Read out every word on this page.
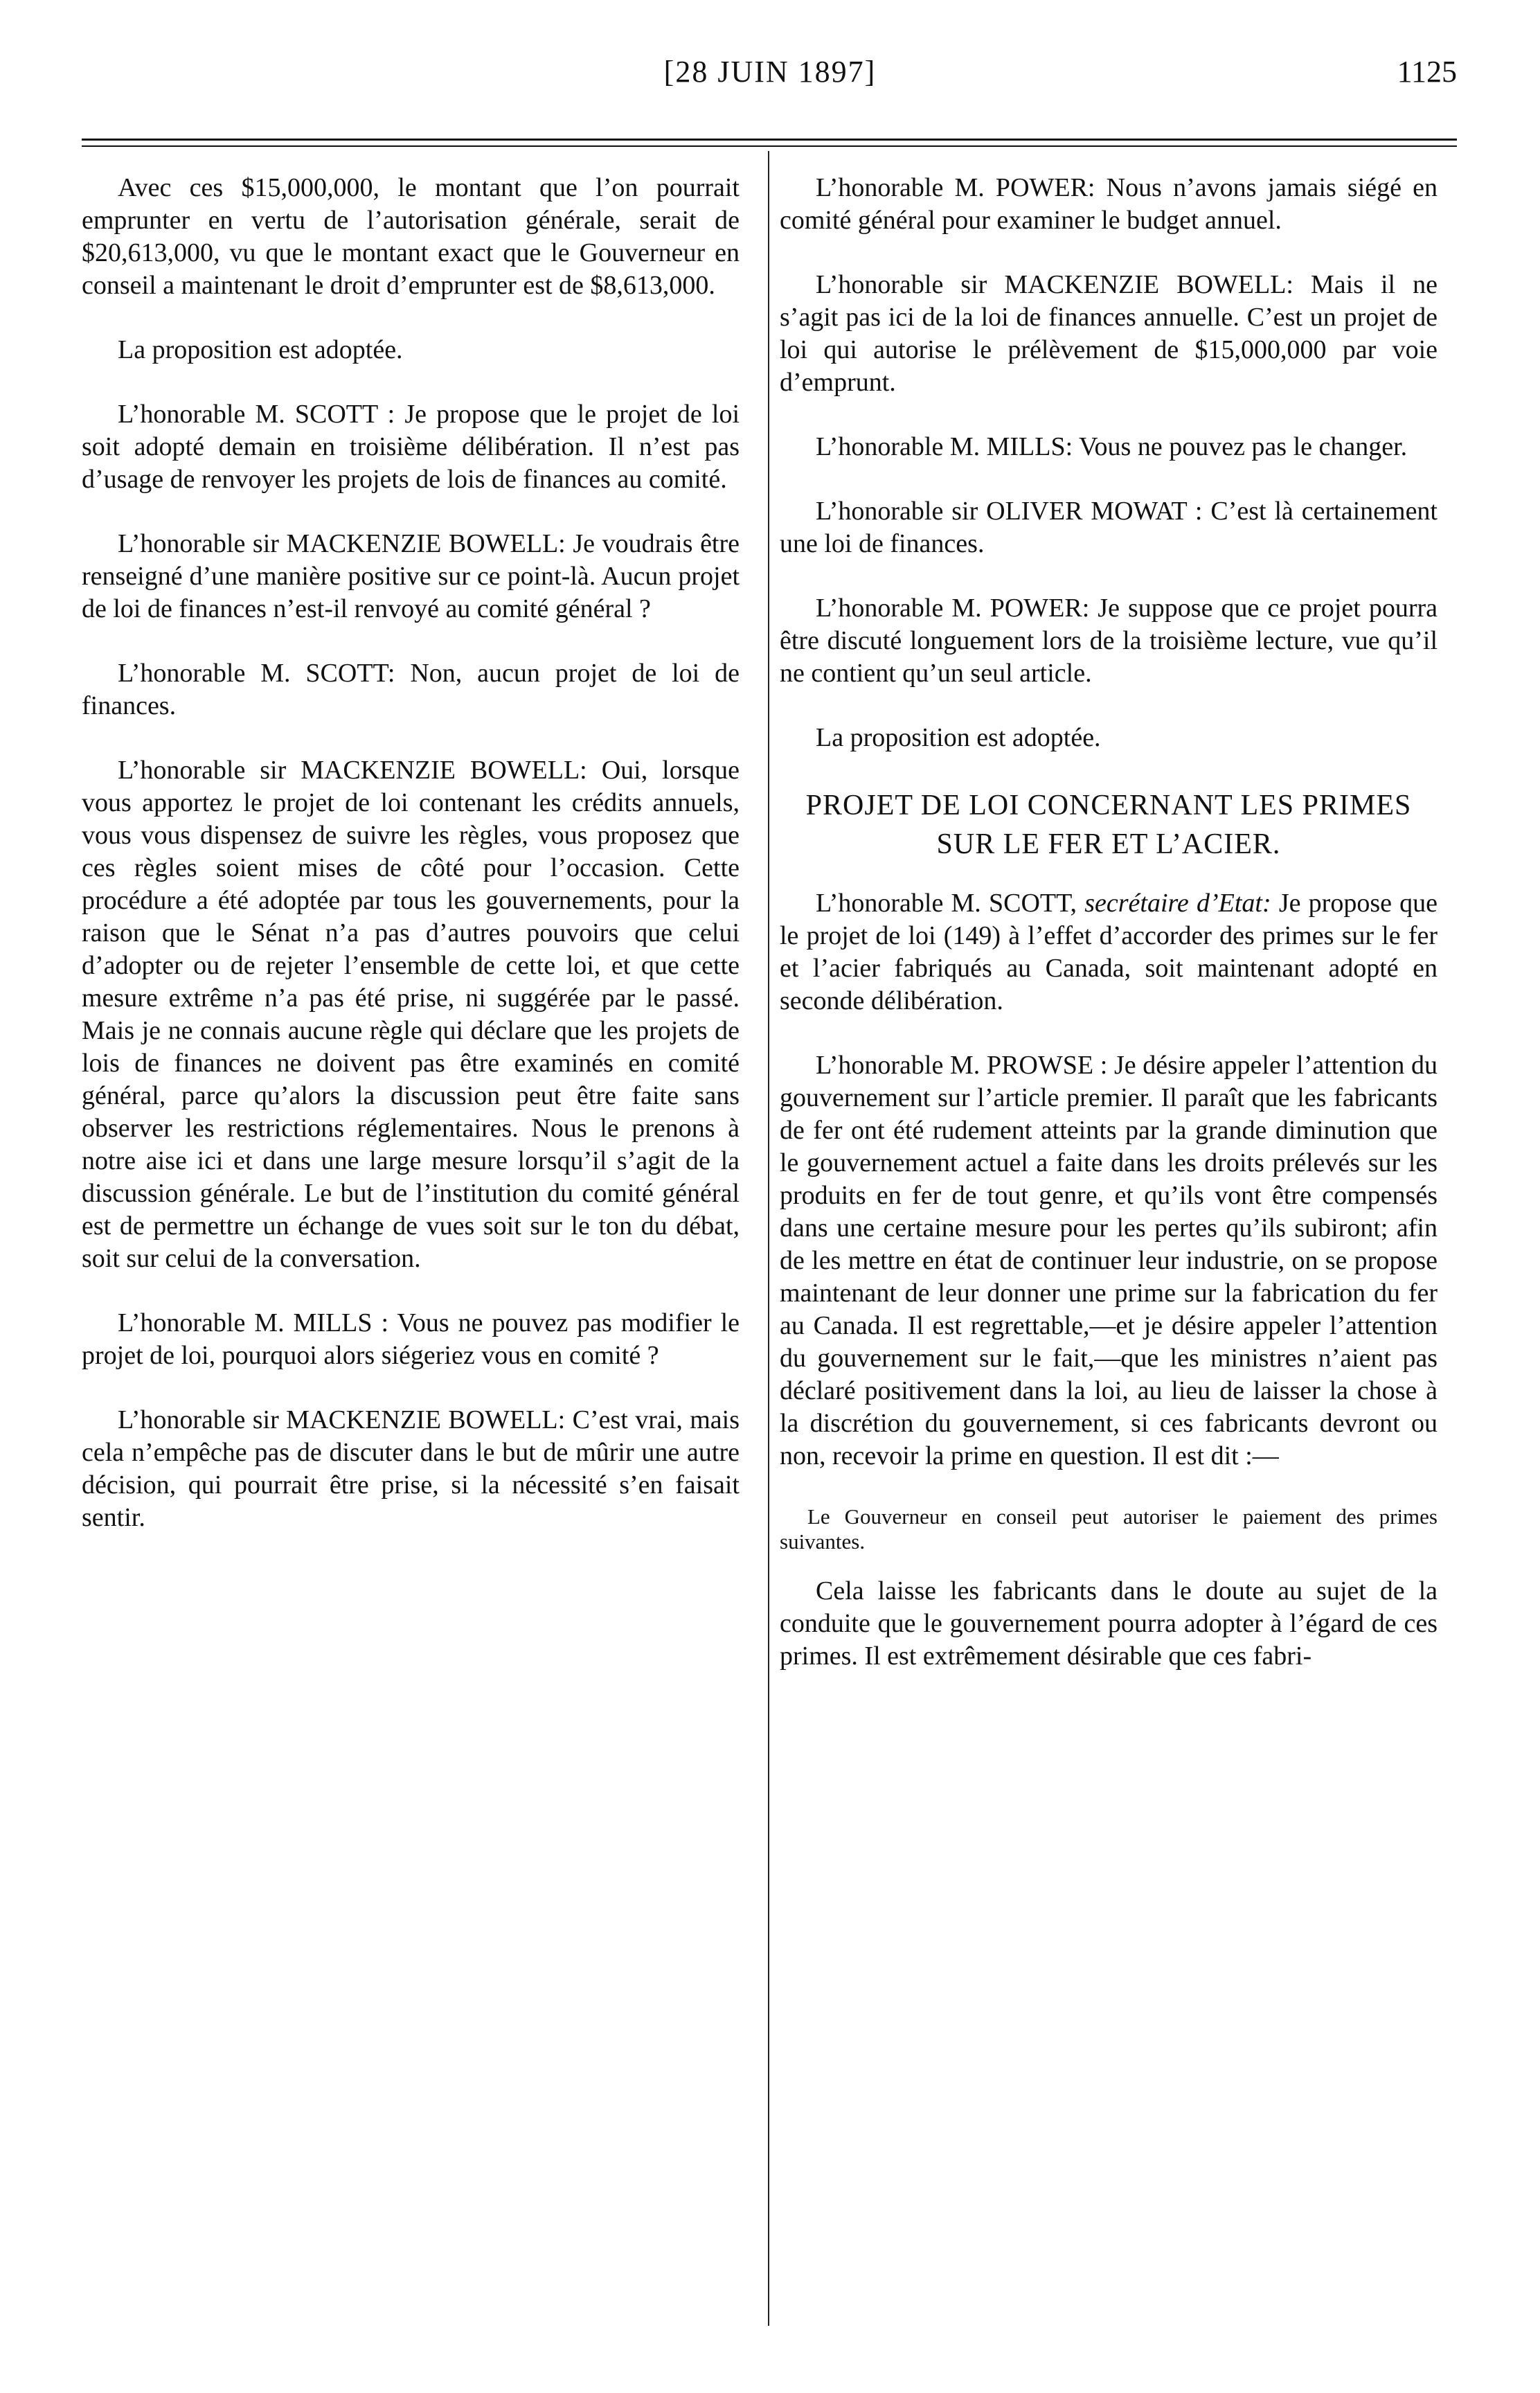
[28 JUIN 1897]	1125

Avec ces $15,000,000, le montant que l’on pourrait emprunter en vertu de l’autorisation générale, serait de $20,613,000, vu que le montant exact que le Gouverneur en conseil a maintenant le droit d’emprunter est de $8,613,000.

La proposition est adoptée.

L’honorable M. SCOTT : Je propose que le projet de loi soit adopté demain en troisième délibération. Il n’est pas d’usage de renvoyer les projets de lois de finances au comité.

L’honorable sir MACKENZIE BOWELL: Je voudrais être renseigné d’une manière positive sur ce point-là. Aucun projet de loi de finances n’est-il renvoyé au comité général ?

L’honorable M. SCOTT: Non, aucun projet de loi de finances.

L’honorable sir MACKENZIE BOWELL: Oui, lorsque vous apportez le projet de loi contenant les crédits annuels, vous vous dispensez de suivre les règles, vous proposez que ces règles soient mises de côté pour l’occasion. Cette procédure a été adoptée par tous les gouvernements, pour la raison que le Sénat n’a pas d’autres pouvoirs que celui d’adopter ou de rejeter l’ensemble de cette loi, et que cette mesure extrême n’a pas été prise, ni suggérée par le passé. Mais je ne connais aucune règle qui déclare que les projets de lois de finances ne doivent pas être examinés en comité général, parce qu’alors la discussion peut être faite sans observer les restrictions réglementaires. Nous le prenons à notre aise ici et dans une large mesure lorsqu’il s’agit de la discussion générale. Le but de l’institution du comité général est de permettre un échange de vues soit sur le ton du débat, soit sur celui de la conversation.

L’honorable M. MILLS : Vous ne pouvez pas modifier le projet de loi, pourquoi alors siégeriez vous en comité ?

L’honorable sir MACKENZIE BOWELL: C’est vrai, mais cela n’empêche pas de discuter dans le but de mûrir une autre décision, qui pourrait être prise, si la nécessité s’en faisait sentir.

L’honorable M. POWER: Nous n’avons jamais siégé en comité général pour examiner le budget annuel.

L’honorable sir MACKENZIE BOWELL: Mais il ne s’agit pas ici de la loi de finances annuelle. C’est un projet de loi qui autorise le prélèvement de $15,000,000 par voie d’emprunt.

L’honorable M. MILLS: Vous ne pouvez pas le changer.

L’honorable sir OLIVER MOWAT : C’est là certainement une loi de finances.

L’honorable M. POWER: Je suppose que ce projet pourra être discuté longuement lors de la troisième lecture, vue qu’il ne contient qu’un seul article.

La proposition est adoptée.

PROJET DE LOI CONCERNANT LES PRIMES SUR LE FER ET L’ACIER.

L’honorable M. SCOTT, secrétaire d’Etat: Je propose que le projet de loi (149) à l’effet d’accorder des primes sur le fer et l’acier fabriqués au Canada, soit maintenant adopté en seconde délibération.

L’honorable M. PROWSE : Je désire appeler l’attention du gouvernement sur l’article premier. Il paraît que les fabricants de fer ont été rudement atteints par la grande diminution que le gouvernement actuel a faite dans les droits prélevés sur les produits en fer de tout genre, et qu’ils vont être compensés dans une certaine mesure pour les pertes qu’ils subiront; afin de les mettre en état de continuer leur industrie, on se propose maintenant de leur donner une prime sur la fabrication du fer au Canada. Il est regrettable,—et je désire appeler l’attention du gouvernement sur le fait,—que les ministres n’aient pas déclaré positivement dans la loi, au lieu de laisser la chose à la discrétion du gouvernement, si ces fabricants devront ou non, recevoir la prime en question. Il est dit :—

Le Gouverneur en conseil peut autoriser le paiement des primes suivantes.

Cela laisse les fabricants dans le doute au sujet de la conduite que le gouvernement pourra adopter à l’égard de ces primes. Il est extrêmement désirable que ces fabri-
